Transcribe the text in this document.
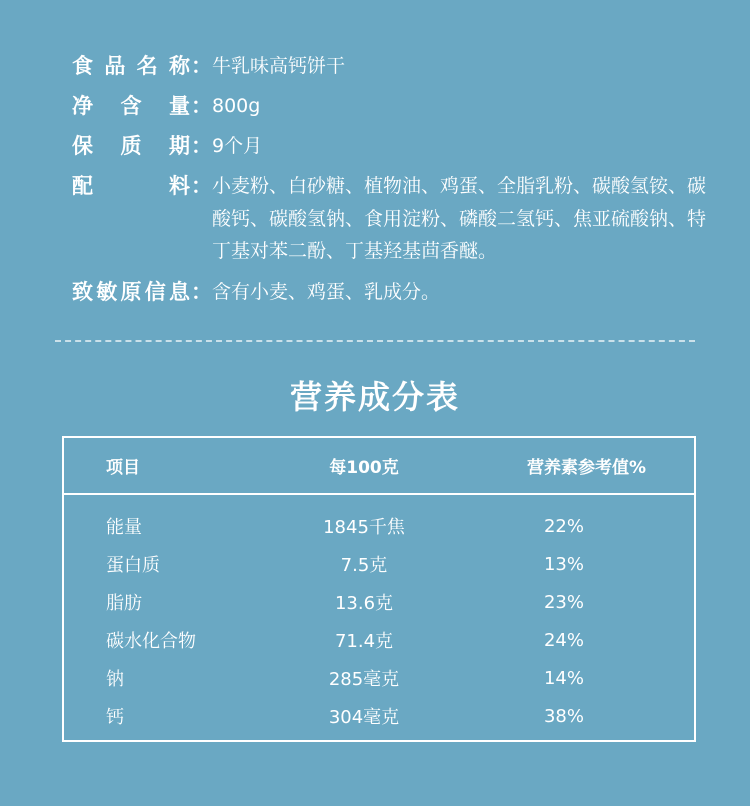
食 品 名 称 ： 牛乳味高钙饼干
净 含 量 ： 800g
保 质 期 ： 9个月
配	料 ： 小麦粉、白砂糖、植物油、鸡蛋、全脂乳粉、碳酸氢铵、碳酸钙、碳酸氢钠、食用淀粉、磷酸二氢钙、焦亚硫酸钠、特丁基对苯二酚、丁基羟基茴香醚。
致 敏 原 信 息 ： 含有小麦、鸡蛋、乳成分。
营养成分表
项目	每100克	营养素参考值%
能量	1845千焦	22%
蛋白质	7.5克	13%
脂肪	13.6克	23%
碳水化合物	71.4克	24%
钠	285毫克	14%
钙	304毫克	38%
